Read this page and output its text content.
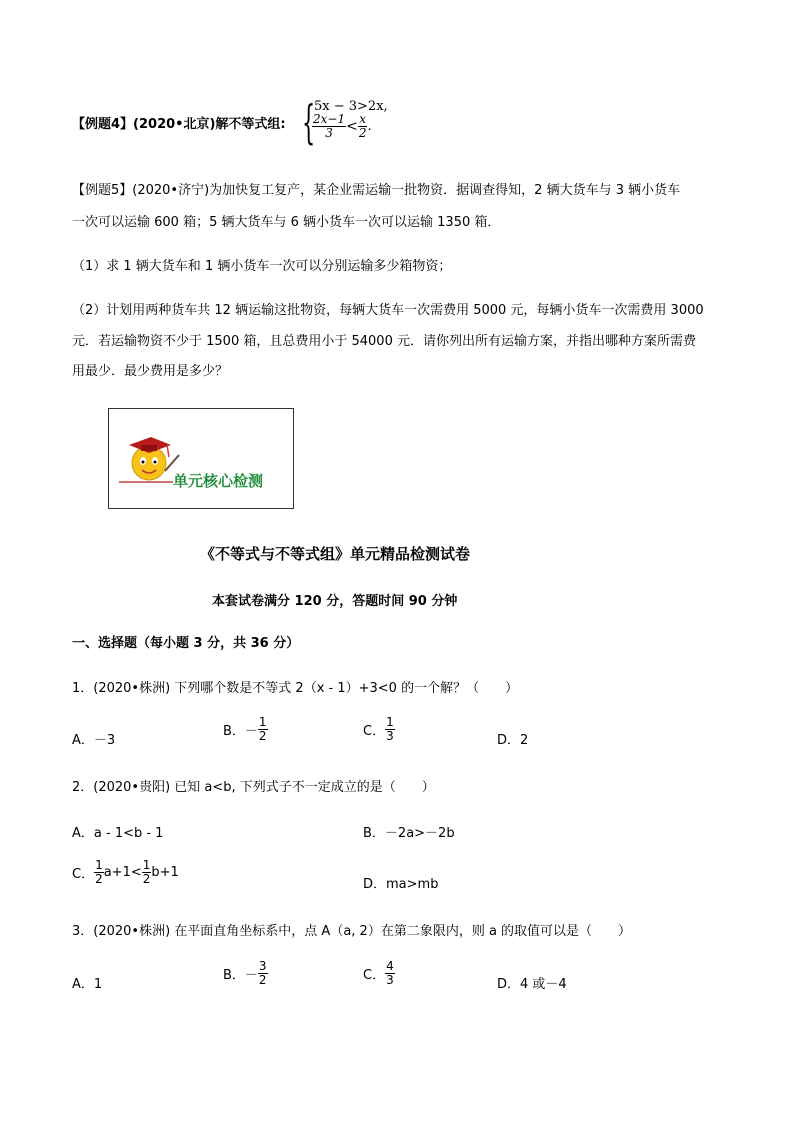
【例题4】(2020•北京)解不等式组: {
5x − 3>2x,
$\frac{2x-1}{3} < \frac{x}{2}$ .
【例题5】(2020•济宁)为加快复工复产，某企业需运输一批物资．据调查得知，2 辆大货车与 3 辆小货车
一次可以运输 600 箱；5 辆大货车与 6 辆小货车一次可以运输 1350 箱．
（1）求 1 辆大货车和 1 辆小货车一次可以分别运输多少箱物资；
（2）计划用两种货车共 12 辆运输这批物资，每辆大货车一次需费用 5000 元，每辆小货车一次需费用 3000
元．若运输物资不少于 1500 箱，且总费用小于 54000 元．请你列出所有运输方案，并指出哪种方案所需费
用最少．最少费用是多少？
单元核心检测
《不等式与不等式组》单元精品检测试卷
本套试卷满分 120 分，答题时间 90 分钟
一、选择题（每小题 3 分，共 36 分）
1．(2020•株洲) 下列哪个数是不等式 2（x - 1）+3<0 的一个解？（　　）
A．－3
B．－ $\frac{1}{2}$	C． $\frac{1}{3}$	D．2
2．(2020•贵阳) 已知 a<b, 下列式子不一定成立的是（　　）
A．a - 1<b - 1	B．－2a>－2b
C． $\frac{1}{2} a+1< \frac{1}{2} b+1$
D．ma>mb
3．(2020•株洲) 在平面直角坐标系中，点 A（a, 2）在第二象限内，则 a 的取值可以是（　　）
A．1
B．－ $\frac{3}{2}$	C． $\frac{4}{3}$	D．4 或－4
